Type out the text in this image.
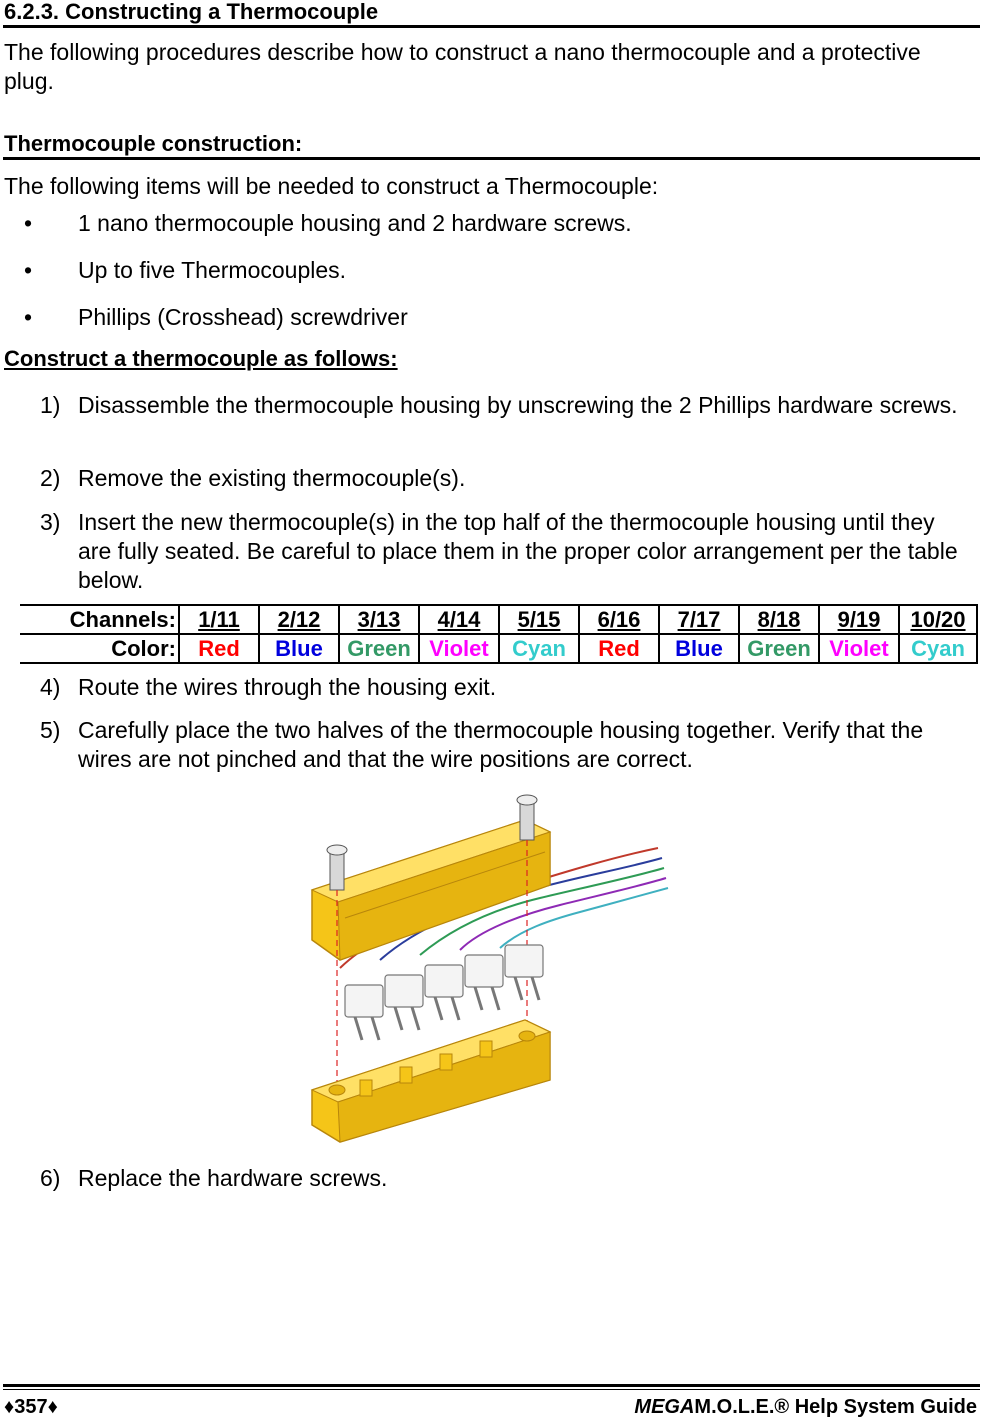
6.2.3. Constructing a Thermocouple
The following procedures describe how to construct a nano thermocouple and a protective plug.
Thermocouple construction:
The following items will be needed to construct a Thermocouple:
• 1 nano thermocouple housing and 2 hardware screws.
• Up to five Thermocouples.
• Phillips (Crosshead) screwdriver
Construct a thermocouple as follows:
1) Disassemble the thermocouple housing by unscrewing the 2 Phillips hardware screws.
2) Remove the existing thermocouple(s).
3) Insert the new thermocouple(s) in the top half of the thermocouple housing until they are fully seated. Be careful to place them in the proper color arrangement per the table below.
Channels:	1/11	2/12	3/13	4/14	5/15	6/16	7/17	8/18	9/19	10/20
Color:	Red	Blue	Green	Violet	Cyan	Red	Blue	Green	Violet	Cyan
4) Route the wires through the housing exit.
5) Carefully place the two halves of the thermocouple housing together. Verify that the wires are not pinched and that the wire positions are correct.
6) Replace the hardware screws.
♦357♦	MEGAM.O.L.E.® Help System Guide
